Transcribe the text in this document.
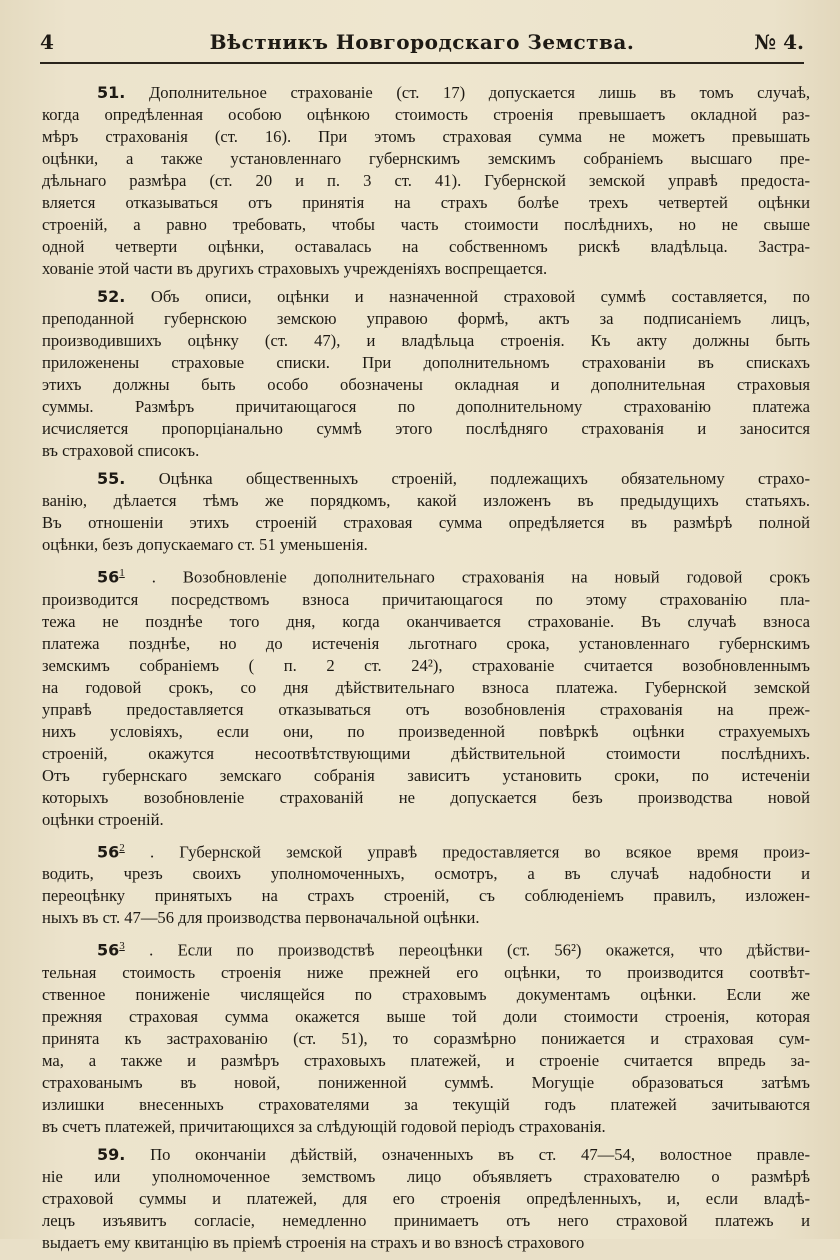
4	Вѣстникъ Новгородскаго Земства.	№ 4.
51. Дополнительное страхованіе (ст. 17) допускается лишь въ томъ случаѣ,
когда опредѣленная особою оцѣнкою стоимость строенія превышаетъ окладной раз-
мѣръ страхованія (ст. 16). При этомъ страховая сумма не можетъ превышать
оцѣнки, а также установленнаго губернскимъ земскимъ собраніемъ высшаго пре-
дѣльнаго размѣра (ст. 20 и п. 3 ст. 41). Губернской земской управѣ предоста-
вляется отказываться отъ принятія на страхъ болѣе трехъ четвертей оцѣнки
строеній, а равно требовать, чтобы часть стоимости послѣднихъ, но не свыше
одной четверти оцѣнки, оставалась на собственномъ рискѣ владѣльца. Застра-
хованіе этой части въ другихъ страховыхъ учрежденіяхъ воспрещается.
52. Объ описи, оцѣнки и назначенной страховой суммѣ составляется, по
преподанной губернскою земскою управою формѣ, актъ за подписаніемъ лицъ,
производившихъ оцѣнку (ст. 47), и владѣльца строенія. Къ акту должны быть
приложенены страховые списки. При дополнительномъ страхованіи въ спискахъ
этихъ должны быть особо обозначены окладная и дополнительная страховыя
суммы. Размѣръ причитающагося по дополнительному страхованію платежа
исчисляется пропорціанально суммѣ этого послѣдняго страхованія и заносится
въ страховой списокъ.
55. Оцѣнка общественныхъ строеній, подлежащихъ обязательному страхо-
ванію, дѣлается тѣмъ же порядкомъ, какой изложенъ въ предыдущихъ статьяхъ.
Въ отношеніи этихъ строеній страховая сумма опредѣляется въ размѣрѣ полной
оцѣнки, безъ допускаемаго ст. 51 уменьшенія.
$56^1$ . Возобновленіе дополнительнаго страхованія на новый годовой срокъ
производится посредствомъ взноса причитающагося по этому страхованію пла-
тежа не позднѣе того дня, когда оканчивается страхованіе. Въ случаѣ взноса
платежа позднѣе, но до истеченія льготнаго срока, установленнаго губернскимъ
земскимъ собраніемъ ( п. 2 ст. 24²), страхованіе считается возобновленнымъ
на годовой срокъ, со дня дѣйствительнаго взноса платежа. Губернской земской
управѣ предоставляется отказываться отъ возобновленія страхованія на преж-
нихъ условіяхъ, если они, по произведенной повѣркѣ оцѣнки страхуемыхъ
строеній, окажутся несоотвѣтствующими дѣйствительной стоимости послѣднихъ.
Отъ губернскаго земскаго собранія зависитъ установить сроки, по истеченіи
которыхъ возобновленіе страхованій не допускается безъ производства новой
оцѣнки строеній.
$56^2$ . Губернской земской управѣ предоставляется во всякое время произ-
водить, чрезъ своихъ уполномоченныхъ, осмотръ, а въ случаѣ надобности и
переоцѣнку принятыхъ на страхъ строеній, съ соблюденіемъ правилъ, изложен-
ныхъ въ ст. 47—56 для производства первоначальной оцѣнки.
$56^3$ . Если по производствѣ переоцѣнки (ст. 56²) окажется, что дѣйстви-
тельная стоимость строенія ниже прежней его оцѣнки, то производится соотвѣт-
ственное пониженіе числящейся по страховымъ документамъ оцѣнки. Если же
прежняя страховая сумма окажется выше той доли стоимости строенія, которая
принята къ застрахованію (ст. 51), то соразмѣрно понижается и страховая сум-
ма, а также и размѣръ страховыхъ платежей, и строеніе считается впредь за-
страхованымъ въ новой, пониженной суммѣ. Могущіе образоваться затѣмъ
излишки внесенныхъ страхователями за текущій годъ платежей зачитываются
въ счетъ платежей, причитающихся за слѣдующій годовой періодъ страхованія.
59. По окончаніи дѣйствій, означенныхъ въ ст. 47—54, волостное правле-
ніе или уполномоченное земствомъ лицо объявляетъ страхователю о размѣрѣ
страховой суммы и платежей, для его строенія опредѣленныхъ, и, если владѣ-
лецъ изъявитъ согласіе, немедленно принимаетъ отъ него страховой платежъ и
выдаетъ ему квитанцію въ пріемѣ строенія на страхъ и во взносѣ страхового
